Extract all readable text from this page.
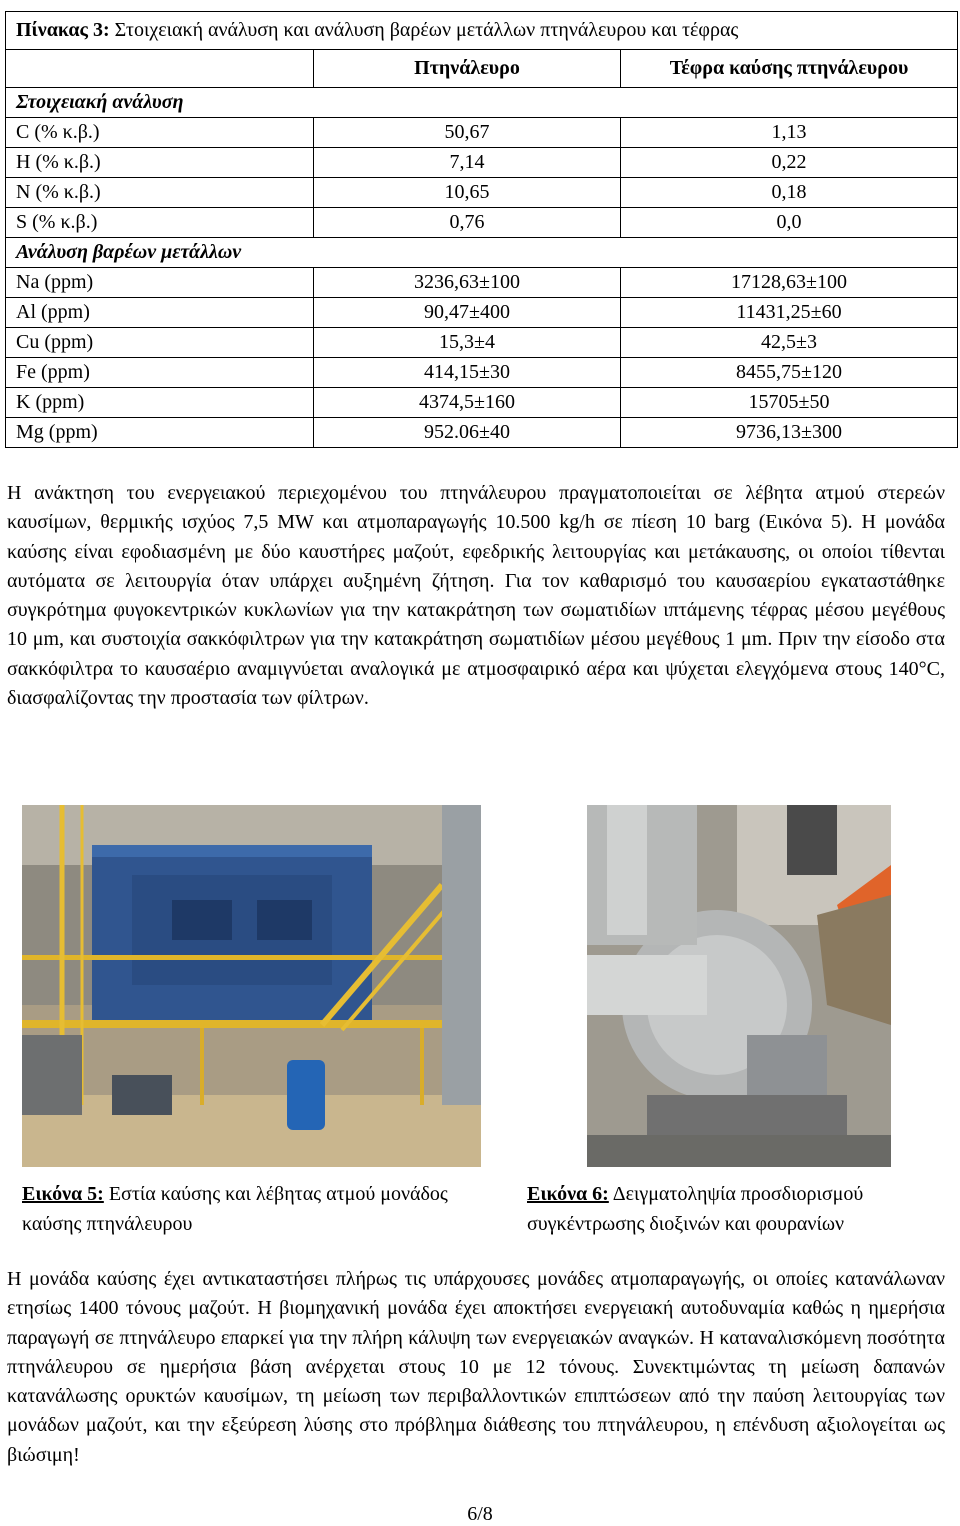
Πίνακας 3: Στοιχειακή ανάλυση και ανάλυση βαρέων μετάλλων πτηνάλευρου και τέφρας		
	Πτηνάλευρο	Τέφρα καύσης πτηνάλευρου
Στοιχειακή ανάλυση		
C (% κ.β.)	50,67	1,13
H (% κ.β.)	7,14	0,22
N (% κ.β.)	10,65	0,18
S (% κ.β.)	0,76	0,0
Ανάλυση βαρέων μετάλλων		
Na (ppm)	3236,63±100	17128,63±100
Al (ppm)	90,47±400	11431,25±60
Cu (ppm)	15,3±4	42,5±3
Fe (ppm)	414,15±30	8455,75±120
K (ppm)	4374,5±160	15705±50
Mg (ppm)	952.06±40	9736,13±300

Η ανάκτηση του ενεργειακού περιεχομένου του πτηνάλευρου πραγματοποιείται σε λέβητα ατμού στερεών καυσίμων, θερμικής ισχύος 7,5 MW και ατμοπαραγωγής 10.500 kg/h σε πίεση 10 barg (Εικόνα 5). Η μονάδα καύσης είναι εφοδιασμένη με δύο καυστήρες μαζούτ, εφεδρικής λειτουργίας και μετάκαυσης, οι οποίοι τίθενται αυτόματα σε λειτουργία όταν υπάρχει αυξημένη ζήτηση. Για τον καθαρισμό του καυσαερίου εγκαταστάθηκε συγκρότημα φυγοκεντρικών κυκλωνίων για την κατακράτηση των σωματιδίων ιπτάμενης τέφρας μέσου μεγέθους 10 μm, και συστοιχία σακκόφιλτρων για την κατακράτηση σωματιδίων μέσου μεγέθους 1 μm. Πριν την είσοδο στα σακκόφιλτρα το καυσαέριο αναμιγνύεται αναλογικά με ατμοσφαιρικό αέρα και ψύχεται ελεγχόμενα στους 140°C, διασφαλίζοντας την προστασία των φίλτρων.

Εικόνα 5: Εστία καύσης και λέβητας ατμού μονάδος καύσης πτηνάλευρου
Εικόνα 6: Δειγματοληψία προσδιορισμού συγκέντρωσης διοξινών και φουρανίων

Η μονάδα καύσης έχει αντικαταστήσει πλήρως τις υπάρχουσες μονάδες ατμοπαραγωγής, οι οποίες κατανάλωναν ετησίως 1400 τόνους μαζούτ. Η βιομηχανική μονάδα έχει αποκτήσει ενεργειακή αυτοδυναμία καθώς η ημερήσια παραγωγή σε πτηνάλευρο επαρκεί για την πλήρη κάλυψη των ενεργειακών αναγκών. Η καταναλισκόμενη ποσότητα πτηνάλευρου σε ημερήσια βάση ανέρχεται στους 10 με 12 τόνους. Συνεκτιμώντας τη μείωση δαπανών κατανάλωσης ορυκτών καυσίμων, τη μείωση των περιβαλλοντικών επιπτώσεων από την παύση λειτουργίας των μονάδων μαζούτ, και την εξεύρεση λύσης στο πρόβλημα διάθεσης του πτηνάλευρου, η επένδυση αξιολογείται ως βιώσιμη!

6/8
